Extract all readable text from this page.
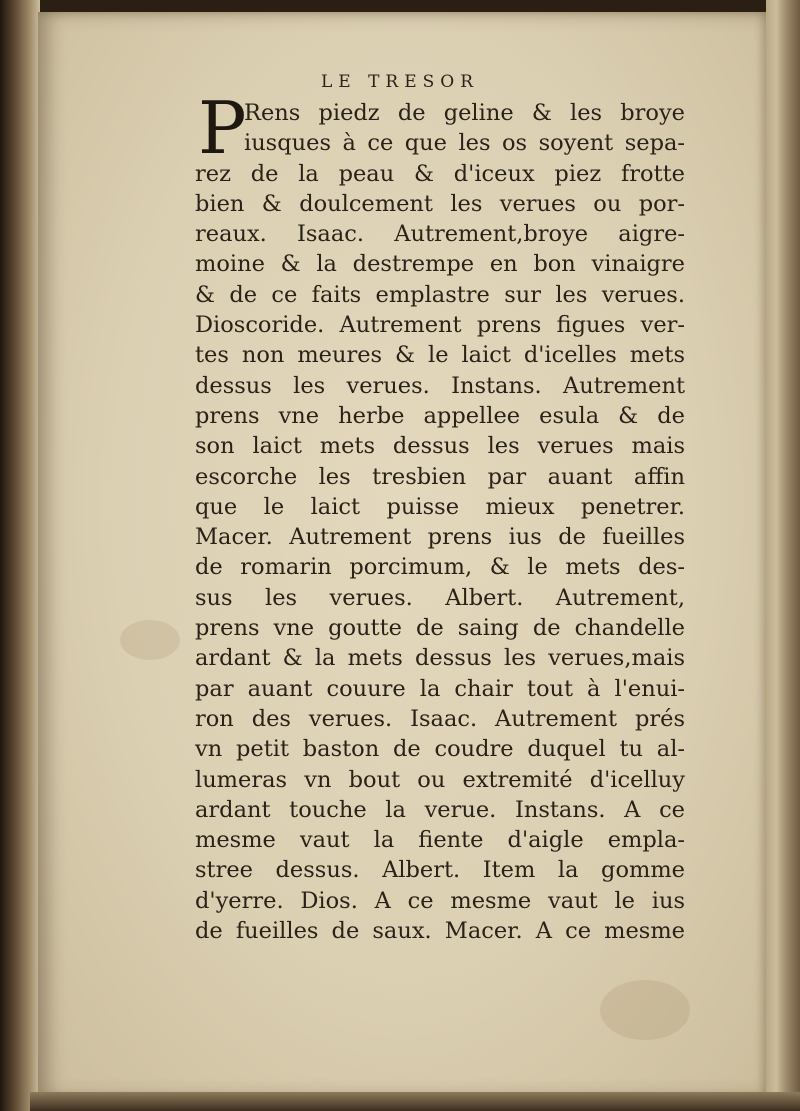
LE TRESOR
P
Rens piedz de geline & les broye
iusques à ce que les os soyent sepa-
rez de la peau & d'iceux piez frotte
bien & doulcement les verues ou por-
reaux. Isaac. Autrement,broye aigre-
moine & la destrempe en bon vinaigre
& de ce faits emplastre sur les verues.
Dioscoride. Autrement prens figues ver-
tes non meures & le laict d'icelles mets
dessus les verues. Instans. Autrement
prens vne herbe appellee esula & de
son laict mets dessus les verues mais
escorche les tresbien par auant affin
que le laict puisse mieux penetrer.
Macer. Autrement prens ius de fueilles
de romarin porcimum, & le mets des-
sus les verues. Albert. Autrement,
prens vne goutte de saing de chandelle
ardant & la mets dessus les verues,mais
par auant couure la chair tout à l'enui-
ron des verues. Isaac. Autrement prés
vn petit baston de coudre duquel tu al-
lumeras vn bout ou extremité d'icelluy
ardant touche la verue. Instans. A ce
mesme vaut la fiente d'aigle empla-
stree dessus. Albert. Item la gomme
d'yerre. Dios. A ce mesme vaut le ius
de fueilles de saux. Macer. A ce mesme
